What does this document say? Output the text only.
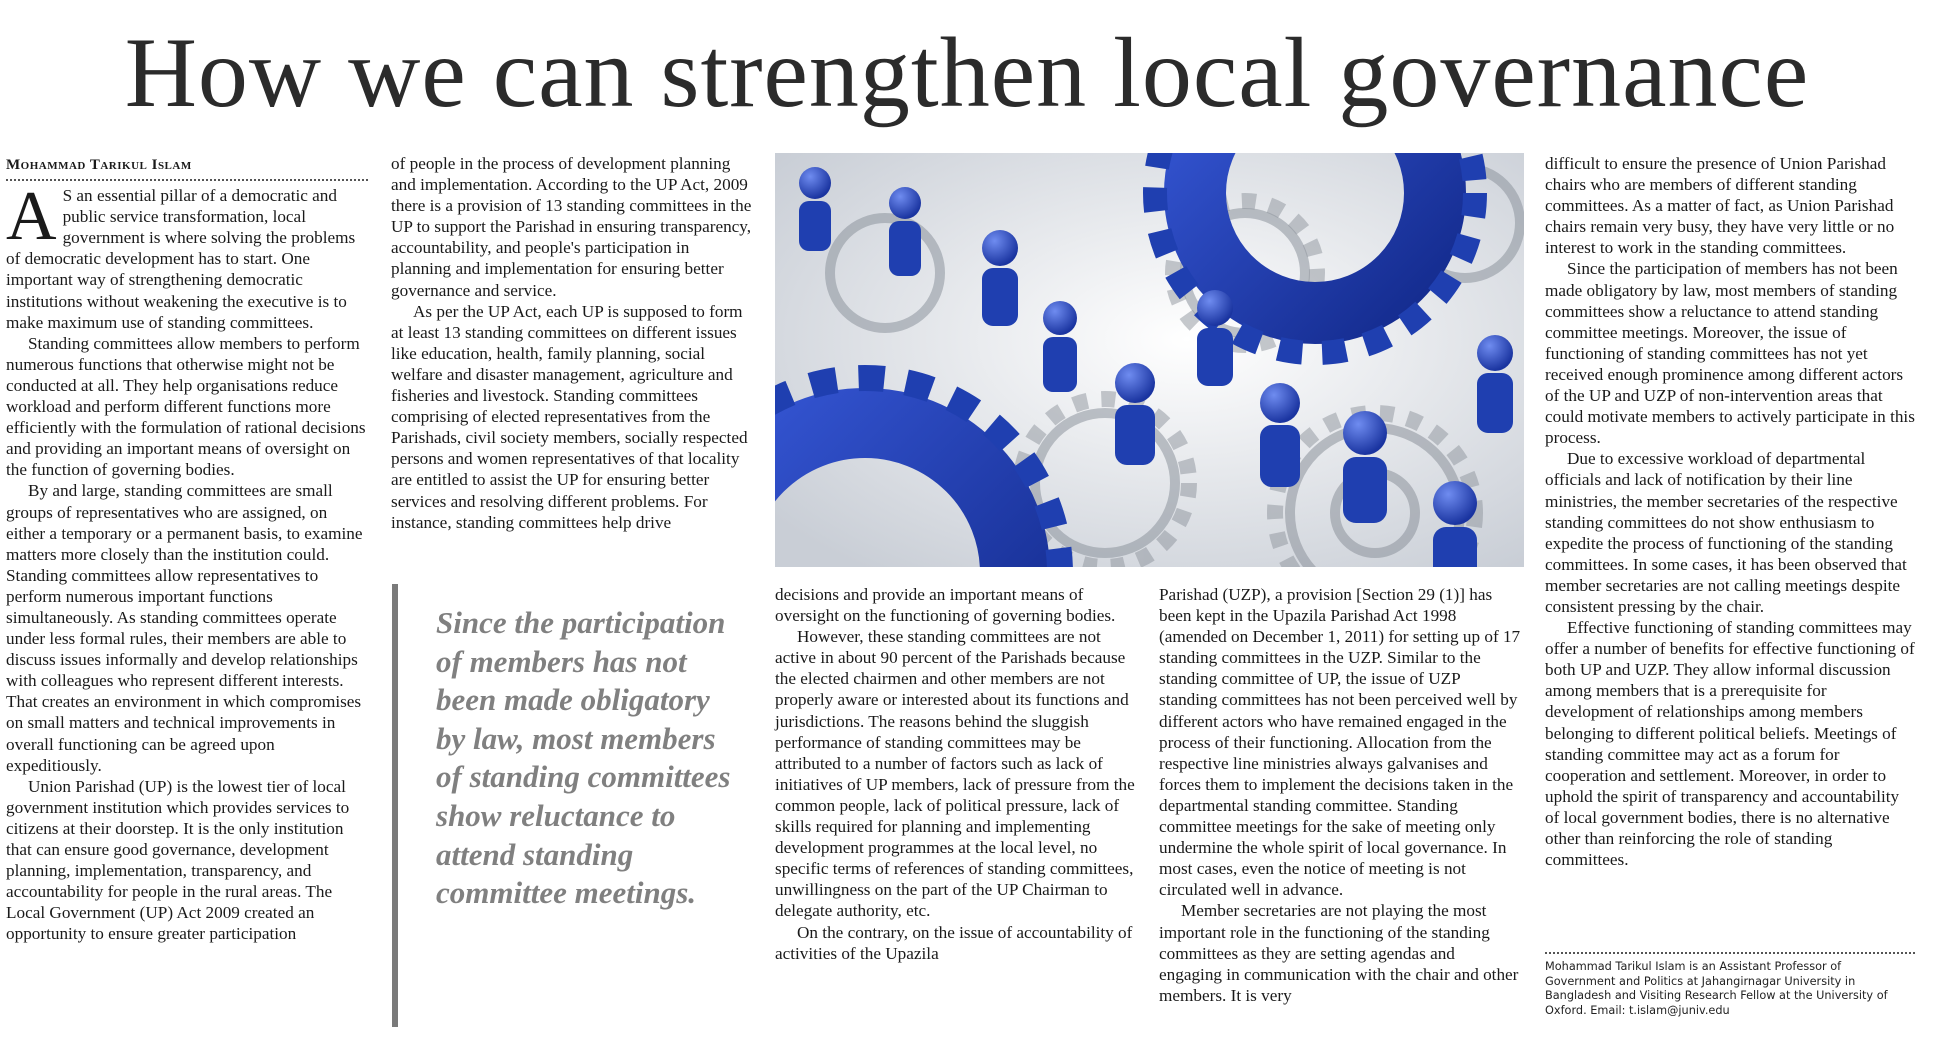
How we can strengthen local governance
Mohammad Tarikul Islam

A S an essential pillar of a democratic and public service transformation, local government is where solving the problems of democratic development has to start. One important way of strengthening democratic institutions without weakening the executive is to make maximum use of standing committees.

Standing committees allow members to perform numerous functions that otherwise might not be conducted at all. They help organisations reduce workload and perform different functions more efficiently with the formulation of rational decisions and providing an important means of oversight on the function of governing bodies.

By and large, standing committees are small groups of representatives who are assigned, on either a temporary or a permanent basis, to examine matters more closely than the institution could. Standing committees allow representatives to perform numerous important functions simultaneously. As standing committees operate under less formal rules, their members are able to discuss issues informally and develop relationships with colleagues who represent different interests. That creates an environment in which compromises on small matters and technical improvements in overall functioning can be agreed upon expeditiously.

Union Parishad (UP) is the lowest tier of local government institution which provides services to citizens at their doorstep. It is the only institution that can ensure good governance, development planning, implementation, transparency, and accountability for people in the rural areas. The Local Government (UP) Act 2009 created an opportunity to ensure greater participation

of people in the process of development planning and implementation. According to the UP Act, 2009 there is a provision of 13 standing committees in the UP to support the Parishad in ensuring transparency, accountability, and people's participation in planning and implementation for ensuring better governance and service.

As per the UP Act, each UP is supposed to form at least 13 standing committees on different issues like education, health, family planning, social welfare and disaster management, agriculture and fisheries and livestock. Standing committees comprising of elected representatives from the Parishads, civil society members, socially respected persons and women representatives of that locality are entitled to assist the UP for ensuring better services and resolving different problems. For instance, standing committees help drive

Since the participation of members has not been made obligatory by law, most members of standing committees show reluctance to attend standing committee meetings.

decisions and provide an important means of oversight on the functioning of governing bodies.

However, these standing committees are not active in about 90 percent of the Parishads because the elected chairmen and other members are not properly aware or interested about its functions and jurisdictions. The reasons behind the sluggish performance of standing committees may be attributed to a number of factors such as lack of initiatives of UP members, lack of pressure from the common people, lack of political pressure, lack of skills required for planning and implementing development programmes at the local level, no specific terms of references of standing committees, unwillingness on the part of the UP Chairman to delegate authority, etc.

On the contrary, on the issue of accountability of activities of the Upazila

Parishad (UZP), a provision [Section 29 (1)] has been kept in the Upazila Parishad Act 1998 (amended on December 1, 2011) for setting up of 17 standing committees in the UZP. Similar to the standing committee of UP, the issue of UZP standing committees has not been perceived well by different actors who have remained engaged in the process of their functioning. Allocation from the respective line ministries always galvanises and forces them to implement the decisions taken in the departmental standing committee. Standing committee meetings for the sake of meeting only undermine the whole spirit of local governance. In most cases, even the notice of meeting is not circulated well in advance.

Member secretaries are not playing the most important role in the functioning of the standing committees as they are setting agendas and engaging in communication with the chair and other members. It is very

difficult to ensure the presence of Union Parishad chairs who are members of different standing committees. As a matter of fact, as Union Parishad chairs remain very busy, they have very little or no interest to work in the standing committees.

Since the participation of members has not been made obligatory by law, most members of standing committees show a reluctance to attend standing committee meetings. Moreover, the issue of functioning of standing committees has not yet received enough prominence among different actors of the UP and UZP of non-intervention areas that could motivate members to actively participate in this process.

Due to excessive workload of departmental officials and lack of notification by their line ministries, the member secretaries of the respective standing committees do not show enthusiasm to expedite the process of functioning of the standing committees. In some cases, it has been observed that member secretaries are not calling meetings despite consistent pressing by the chair.

Effective functioning of standing committees may offer a number of benefits for effective functioning of both UP and UZP. They allow informal discussion among members that is a prerequisite for development of relationships among members belonging to different political beliefs. Meetings of standing committee may act as a forum for cooperation and settlement. Moreover, in order to uphold the spirit of transparency and accountability of local government bodies, there is no alternative other than reinforcing the role of standing committees.

Mohammad Tarikul Islam is an Assistant Professor of Government and Politics at Jahangirnagar University in Bangladesh and Visiting Research Fellow at the University of Oxford. Email: t.islam@juniv.edu
